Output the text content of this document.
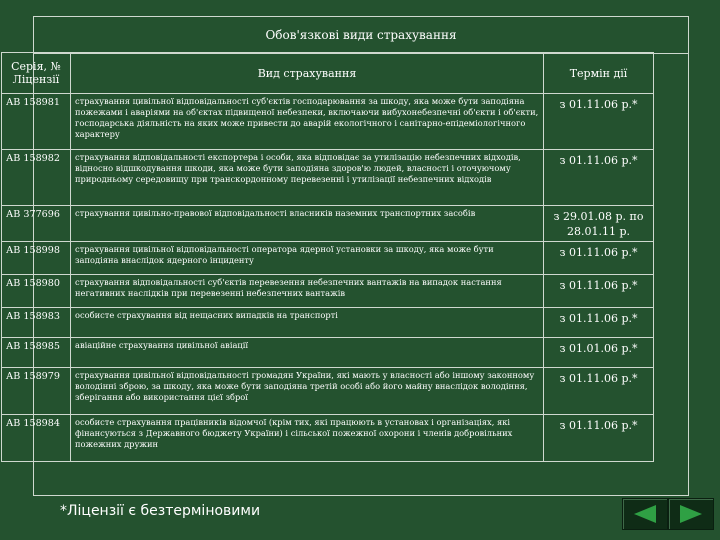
Обов'язкові види страхування
Серія, № Ліцензії	Вид страхування	Термін дії
АВ 158981	страхування цивільної відповідальності суб'єктів господарювання за шкоду, яка може бути заподіяна пожежами і аваріями на об'єктах підвищеної небезпеки, включаючи вибухонебезпечні об'єкти і об'єкти, господарська діяльність на яких може привести до аварій екологічного і санітарно-епідеміологічного характеру	з 01.11.06 р.*
АВ 158982	страхування відповідальності експортера і особи, яка відповідає за утилізацію небезпечних відходів, відносно відшкодування шкоди, яка може бути заподіяна здоров'ю людей, власності і оточуючому природньому середовищу при транскордонному перевезенні і утилізації небезпечних відходів	з 01.11.06 р.*
АВ 377696	страхування цивільно-правової відповідальності власників наземних транспортних засобів	з 29.01.08 р. по 28.01.11 р.
АВ 158998	страхування цивільної відповідальності оператора ядерної установки за шкоду, яка може бути заподіяна внаслідок ядерного інциденту	з 01.11.06 р.*
АВ 158980	страхування відповідальності суб'єктів перевезення небезпечних вантажів на випадок настання негативних наслідків при перевезенні небезпечних вантажів	з 01.11.06 р.*
АВ 158983	особисте страхування від нещасних випадків на транспорті	з 01.11.06 р.*
АВ 158985	авіаційне страхування цивільної авіації	з 01.01.06 р.*
АВ 158979	страхування цивільної відповідальності громадян України, які мають у власності або іншому законному володінні зброю, за шкоду, яка може бути заподіяна третій особі або його майну внаслідок володіння, зберігання або використання цієї зброї	з 01.11.06 р.*
АВ 158984	особисте страхування працівників відомчої (крім тих, які працюють в установах і організаціях, які фінансуються з Державного бюджету України) і сільської пожежної охорони і членів добровільних пожежних дружин	з 01.11.06 р.*
*Ліцензії є безтерміновими
